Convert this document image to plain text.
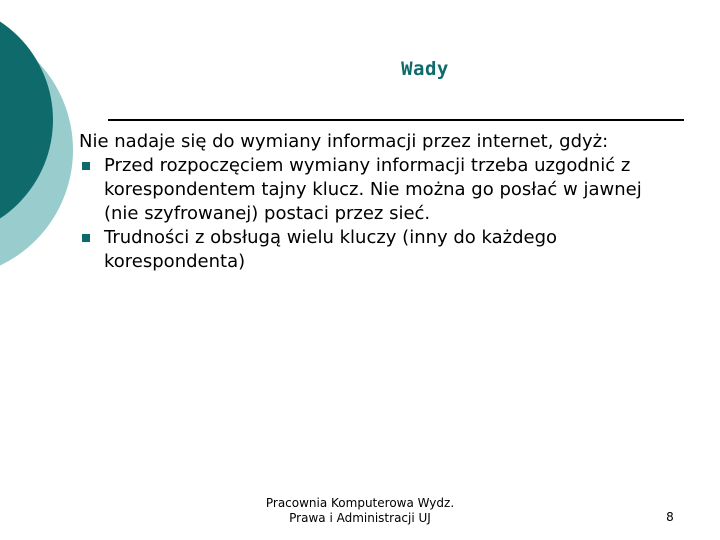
Wady
Nie nadaje się do wymiany informacji przez internet, gdyż:
Przed rozpoczęciem wymiany informacji trzeba uzgodnić z korespondentem tajny klucz. Nie można go posłać w jawnej (nie szyfrowanej) postaci przez sieć.
Trudności z obsługą wielu kluczy (inny do każdego korespondenta)
Pracownia Komputerowa Wydz.
Prawa i Administracji UJ	8
